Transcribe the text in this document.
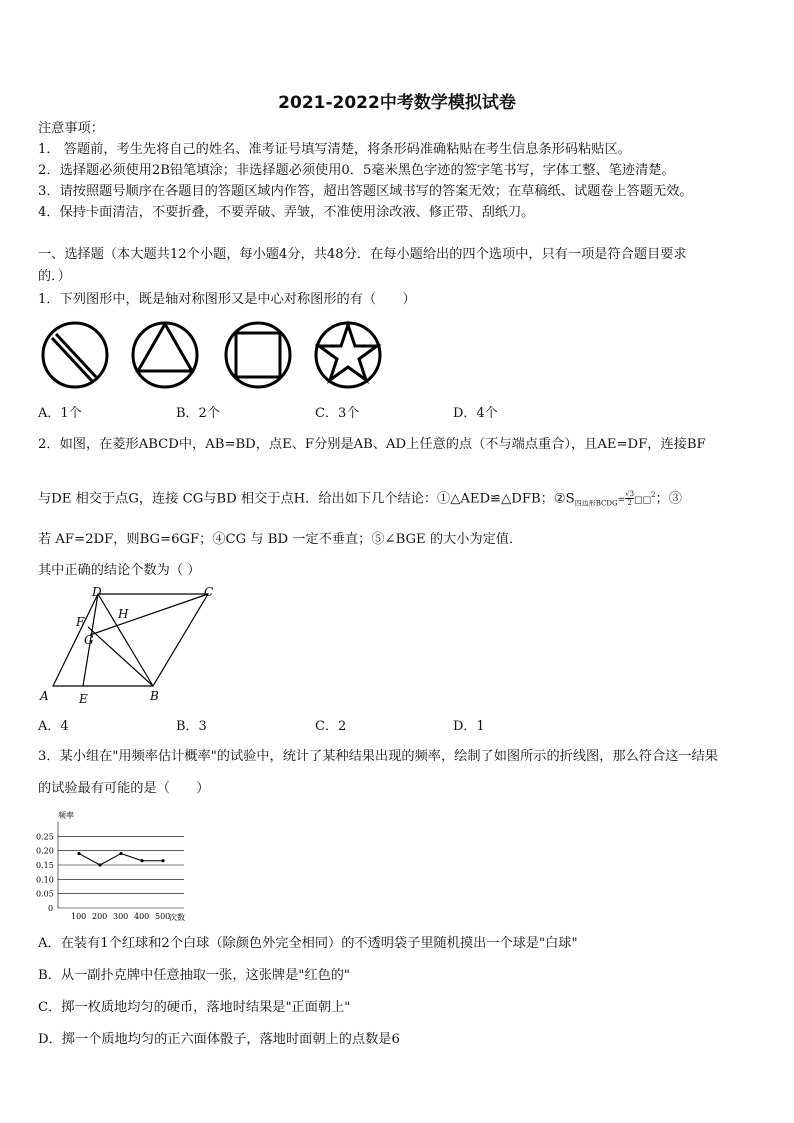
2021-2022中考数学模拟试卷
注意事项：
1． 答题前，考生先将自己的姓名、准考证号填写清楚，将条形码准确粘贴在考生信息条形码粘贴区。
2．选择题必须使用2B铅笔填涂；非选择题必须使用0．5毫米黑色字迹的签字笔书写，字体工整、笔迹清楚。
3．请按照题号顺序在各题目的答题区域内作答，超出答题区域书写的答案无效；在草稿纸、试题卷上答题无效。
4．保持卡面清洁，不要折叠，不要弄破、弄皱，不准使用涂改液、修正带、刮纸刀。
一、选择题（本大题共12个小题，每小题4分，共48分．在每小题给出的四个选项中，只有一项是符合题目要求
的．）
1．下列图形中，既是轴对称图形又是中心对称图形的有（　　）
A．1个	B．2个	C．3个	D．4个
2．如图，在菱形ABCD中，AB=BD，点E、F分别是AB、AD上任意的点（不与端点重合），且AE=DF，连接BF
与DE 相交于点G，连接 CG与BD 相交于点H．给出如下几个结论：①△AED≌△DFB；$②S_{四边形BCDG}= \frac{√3}{2}$ □□$^2$；③
若 AF=2DF，则BG=6GF；④CG 与 BD 一定不垂直；⑤∠BGE 的大小为定值．
其中正确的结论个数为（ ）
A	B
C
D
E
F
G
H
A．4	B．3	C．2	D．1
3．某小组在"用频率估计概率"的试验中，统计了某种结果出现的频率，绘制了如图所示的折线图，那么符合这一结果
的试验最有可能的是（　　）
0.25
0.20
0.15
0.10
0.05
0
100 200 300 400 500
频率
次数
A．在装有1个红球和2个白球（除颜色外完全相同）的不透明袋子里随机摸出一个球是"白球"
B．从一副扑克牌中任意抽取一张，这张牌是"红色的"
C．掷一枚质地均匀的硬币，落地时结果是"正面朝上"
D．掷一个质地均匀的正六面体骰子，落地时面朝上的点数是6
